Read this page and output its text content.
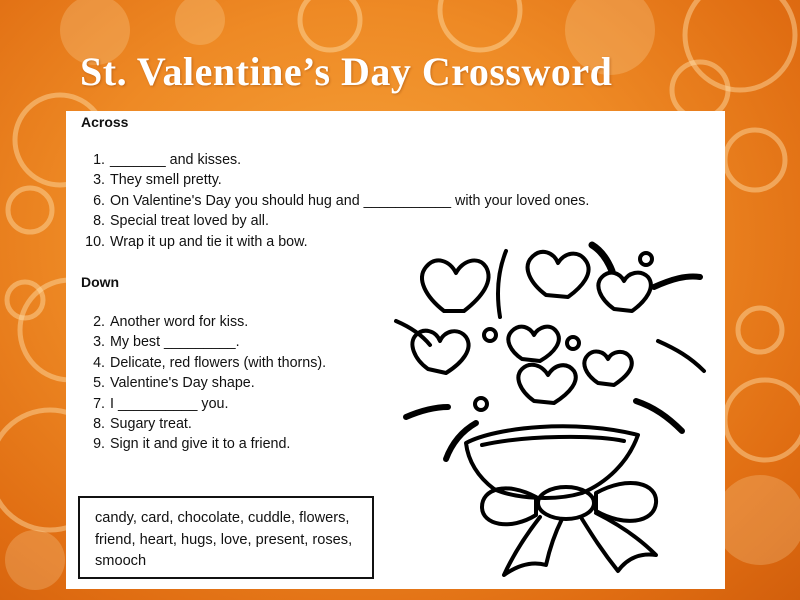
St. Valentine’s Day Crossword
Across
1. _______ and kisses.
3. They smell pretty.
6. On Valentine's Day you should hug and ___________ with your loved ones.
8. Special treat loved by all.
10. Wrap it up and tie it with a bow.
Down
2. Another word for kiss.
3. My best _________.
4. Delicate, red flowers (with thorns).
5. Valentine's Day shape.
7. I __________ you.
8. Sugary treat.
9. Sign it and give it to a friend.
candy, card, chocolate, cuddle, flowers, friend, heart, hugs, love, present, roses, smooch
